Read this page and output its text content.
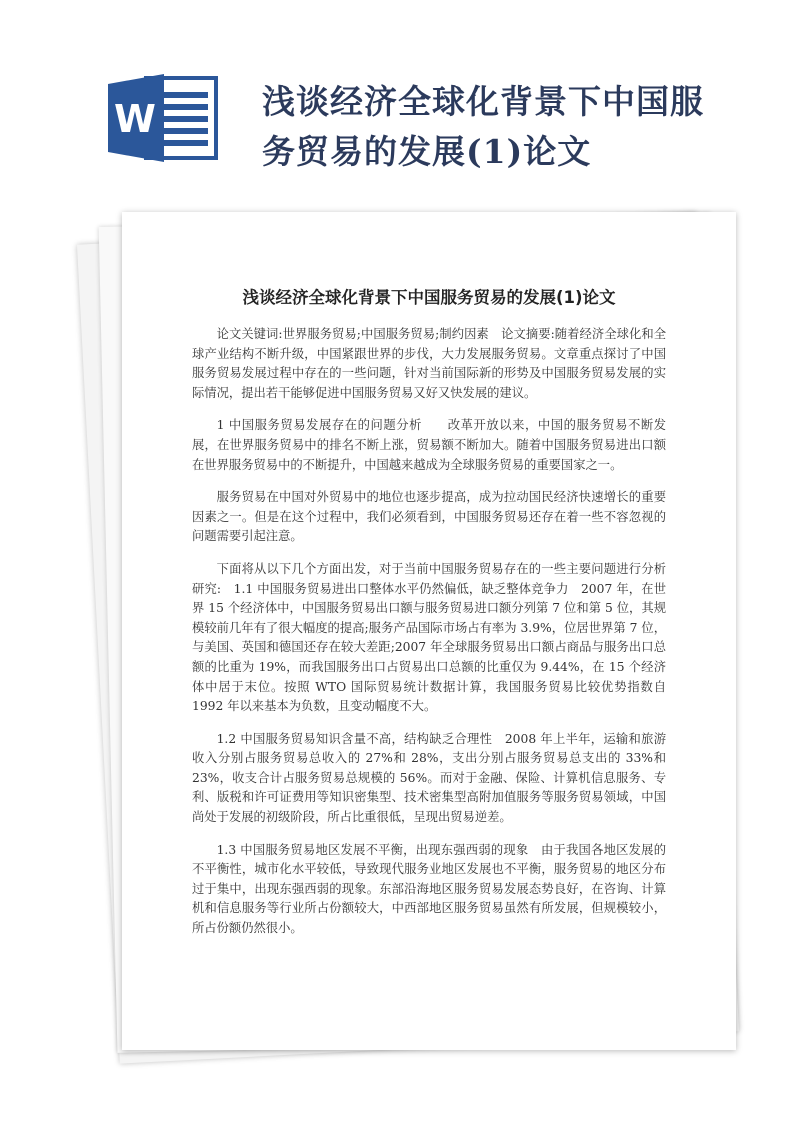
W	浅谈经济全球化背景下中国服
务贸易的发展(1)论文
浅谈经济全球化背景下中国服务贸易的发展(1)论文

论文关键词:世界服务贸易;中国服务贸易;制约因素　论文摘要:随着经济全球化和全球产业结构不断升级，中国紧跟世界的步伐，大力发展服务贸易。文章重点探讨了中国服务贸易发展过程中存在的一些问题，针对当前国际新的形势及中国服务贸易发展的实际情况，提出若干能够促进中国服务贸易又好又快发展的建议。

1 中国服务贸易发展存在的问题分析　　改革开放以来，中国的服务贸易不断发展，在世界服务贸易中的排名不断上涨，贸易额不断加大。随着中国服务贸易进出口额在世界服务贸易中的不断提升，中国越来越成为全球服务贸易的重要国家之一。

服务贸易在中国对外贸易中的地位也逐步提高，成为拉动国民经济快速增长的重要因素之一。但是在这个过程中，我们必须看到，中国服务贸易还存在着一些不容忽视的问题需要引起注意。

下面将从以下几个方面出发，对于当前中国服务贸易存在的一些主要问题进行分析研究:　1.1 中国服务贸易进出口整体水平仍然偏低，缺乏整体竞争力　2007 年，在世界 15 个经济体中，中国服务贸易出口额与服务贸易进口额分列第 7 位和第 5 位，其规模较前几年有了很大幅度的提高;服务产品国际市场占有率为 3.9%，位居世界第 7 位，与美国、英国和德国还存在较大差距;2007 年全球服务贸易出口额占商品与服务出口总额的比重为 19%，而我国服务出口占贸易出口总额的比重仅为 9.44%，在 15 个经济体中居于末位。按照 WTO 国际贸易统计数据计算，我国服务贸易比较优势指数自 1992 年以来基本为负数，且变动幅度不大。

1.2 中国服务贸易知识含量不高，结构缺乏合理性　2008 年上半年，运输和旅游收入分别占服务贸易总收入的 27%和 28%，支出分别占服务贸易总支出的 33%和 23%，收支合计占服务贸易总规模的 56%。而对于金融、保险、计算机信息服务、专利、版税和许可证费用等知识密集型、技术密集型高附加值服务等服务贸易领域，中国尚处于发展的初级阶段，所占比重很低，呈现出贸易逆差。

1.3 中国服务贸易地区发展不平衡，出现东强西弱的现象　由于我国各地区发展的不平衡性，城市化水平较低，导致现代服务业地区发展也不平衡，服务贸易的地区分布过于集中，出现东强西弱的现象。东部沿海地区服务贸易发展态势良好，在咨询、计算机和信息服务等行业所占份额较大，中西部地区服务贸易虽然有所发展，但规模较小，所占份额仍然很小。
